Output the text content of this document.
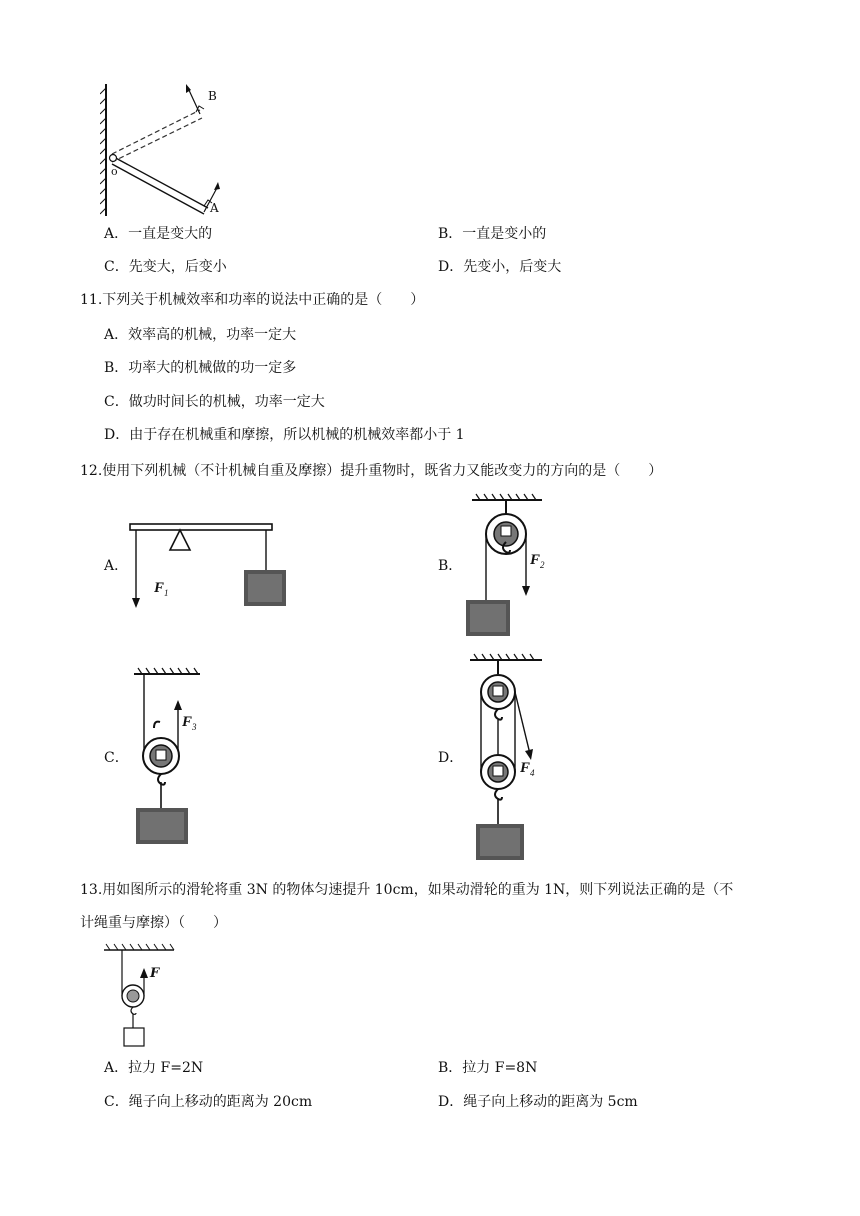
B
o
A
A．一直是变大的	B．一直是变小的
C．先变大，后变小	D．先变小，后变大
11.下列关于机械效率和功率的说法中正确的是（　　）
A．效率高的机械，功率一定大
B．功率大的机械做的功一定多
C．做功时间长的机械，功率一定大
D．由于存在机械重和摩擦，所以机械的机械效率都小于 1
12.使用下列机械（不计机械自重及摩擦）提升重物时，既省力又能改变力的方向的是（　　）
A．
F 1
B．	F 2
C．
F 3
D．
F 4
13.用如图所示的滑轮将重 3N 的物体匀速提升 10cm，如果动滑轮的重为 1N，则下列说法正确的是（不
计绳重与摩擦）（　　）
F
A．拉力 F=2N	B．拉力 F=8N
C．绳子向上移动的距离为 20cm	D．绳子向上移动的距离为 5cm
